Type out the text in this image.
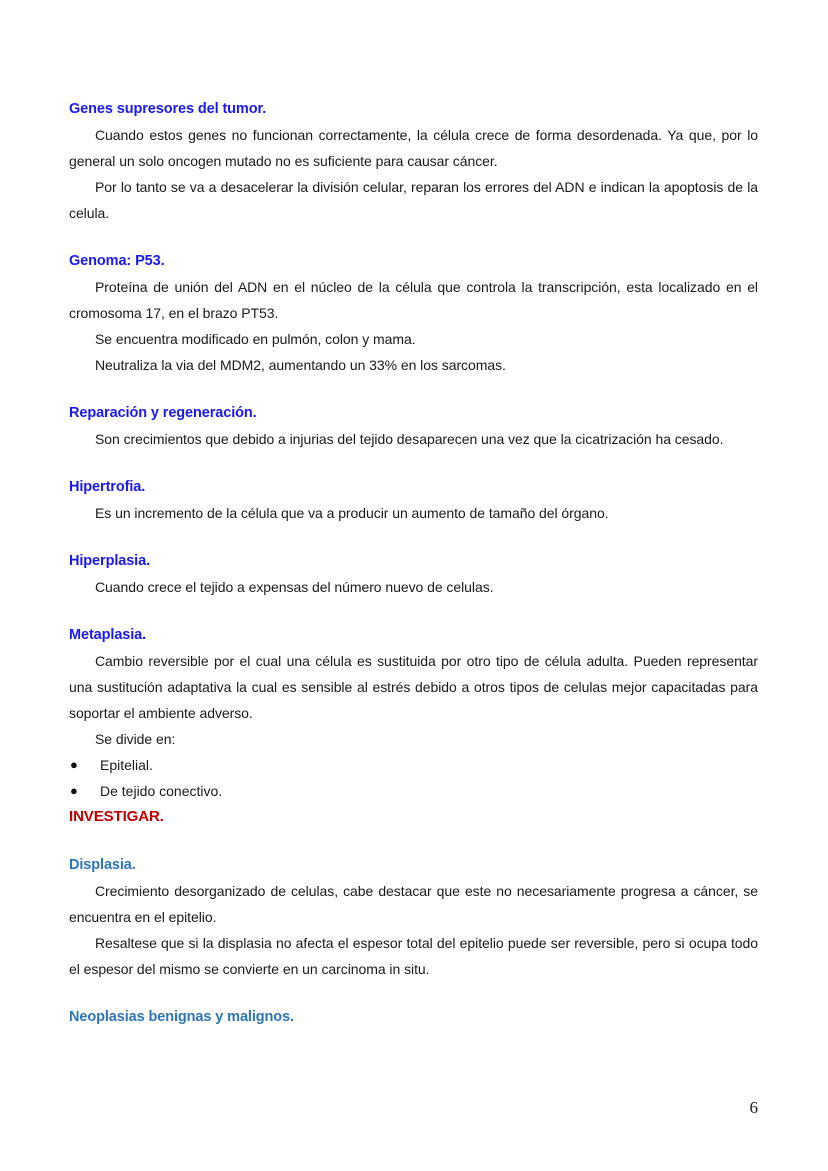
Genes supresores del tumor.

Cuando estos genes no funcionan correctamente, la célula crece de forma desordenada. Ya que, por lo general un solo oncogen mutado no es suficiente para causar cáncer.

Por lo tanto se va a desacelerar la división celular, reparan los errores del ADN e indican la apoptosis de la celula.

Genoma: P53.

Proteína de unión del ADN en el núcleo de la célula que controla la transcripción, esta localizado en el cromosoma 17, en el brazo PT53.

Se encuentra modificado en pulmón, colon y mama.

Neutraliza la via del MDM2, aumentando un 33% en los sarcomas.

Reparación y regeneración.

Son crecimientos que debido a injurias del tejido desaparecen una vez que la cicatrización ha cesado.

Hipertrofia.

Es un incremento de la célula que va a producir un aumento de tamaño del órgano.

Hiperplasia.

Cuando crece el tejido a expensas del número nuevo de celulas.

Metaplasia.

Cambio reversible por el cual una célula es sustituida por otro tipo de célula adulta. Pueden representar una sustitución adaptativa la cual es sensible al estrés debido a otros tipos de celulas mejor capacitadas para soportar el ambiente adverso.

Se divide en:

● Epitelial.
● De tejido conectivo.
INVESTIGAR.
Displasia.

Crecimiento desorganizado de celulas, cabe destacar que este no necesariamente progresa a cáncer, se encuentra en el epitelio.

Resaltese que si la displasia no afecta el espesor total del epitelio puede ser reversible, pero si ocupa todo el espesor del mismo se convierte en un carcinoma in situ.

Neoplasias benignas y malignos.
6
